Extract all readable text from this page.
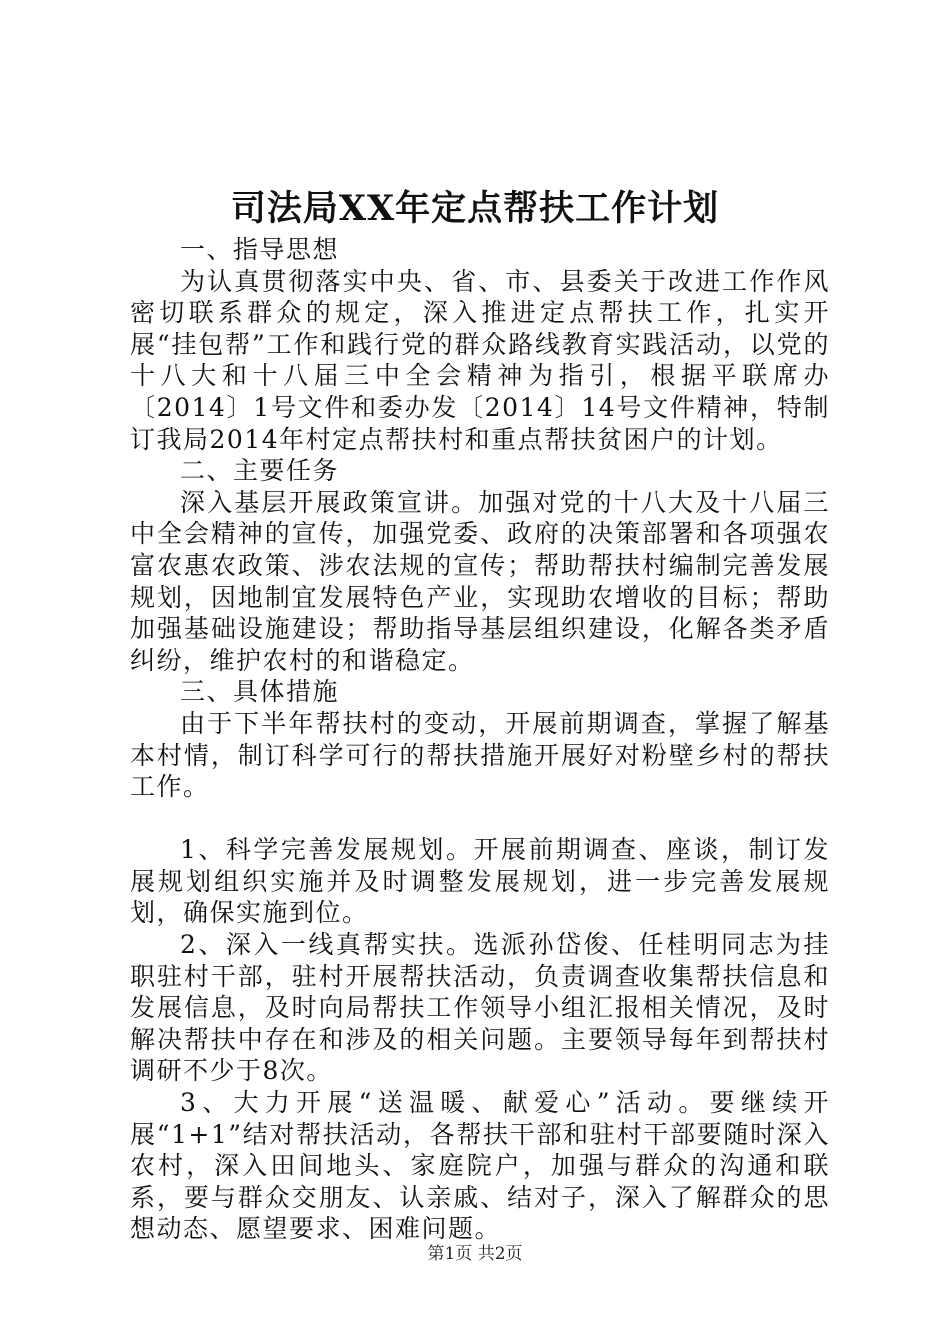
司法局XX年定点帮扶工作计划

一、指导思想

为认真贯彻落实中央、省、市、县委关于改进工作作风密切联系群众的规定，深入推进定点帮扶工作，扎实开展“挂包帮”工作和践行党的群众路线教育实践活动，以党的十八大和十八届三中全会精神为指引，根据平联席办〔2014〕1号文件和委办发〔2014〕14号文件精神，特制订我局2014年村定点帮扶村和重点帮扶贫困户的计划。

二、主要任务

深入基层开展政策宣讲。加强对党的十八大及十八届三中全会精神的宣传，加强党委、政府的决策部署和各项强农富农惠农政策、涉农法规的宣传；帮助帮扶村编制完善发展规划，因地制宜发展特色产业，实现助农增收的目标；帮助加强基础设施建设；帮助指导基层组织建设，化解各类矛盾纠纷，维护农村的和谐稳定。

三、具体措施

由于下半年帮扶村的变动，开展前期调查，掌握了解基本村情，制订科学可行的帮扶措施开展好对粉壁乡村的帮扶工作。

1、科学完善发展规划。开展前期调查、座谈，制订发展规划组织实施并及时调整发展规划，进一步完善发展规划，确保实施到位。

2、深入一线真帮实扶。选派孙岱俊、任桂明同志为挂职驻村干部，驻村开展帮扶活动，负责调查收集帮扶信息和发展信息，及时向局帮扶工作领导小组汇报相关情况，及时解决帮扶中存在和涉及的相关问题。主要领导每年到帮扶村调研不少于8次。

3、大力开展“送温暖、献爱心”活动。要继续开展“1+1”结对帮扶活动，各帮扶干部和驻村干部要随时深入农村，深入田间地头、家庭院户，加强与群众的沟通和联系，要与群众交朋友、认亲戚、结对子，深入了解群众的思想动态、愿望要求、困难问题。

第1页 共2页
